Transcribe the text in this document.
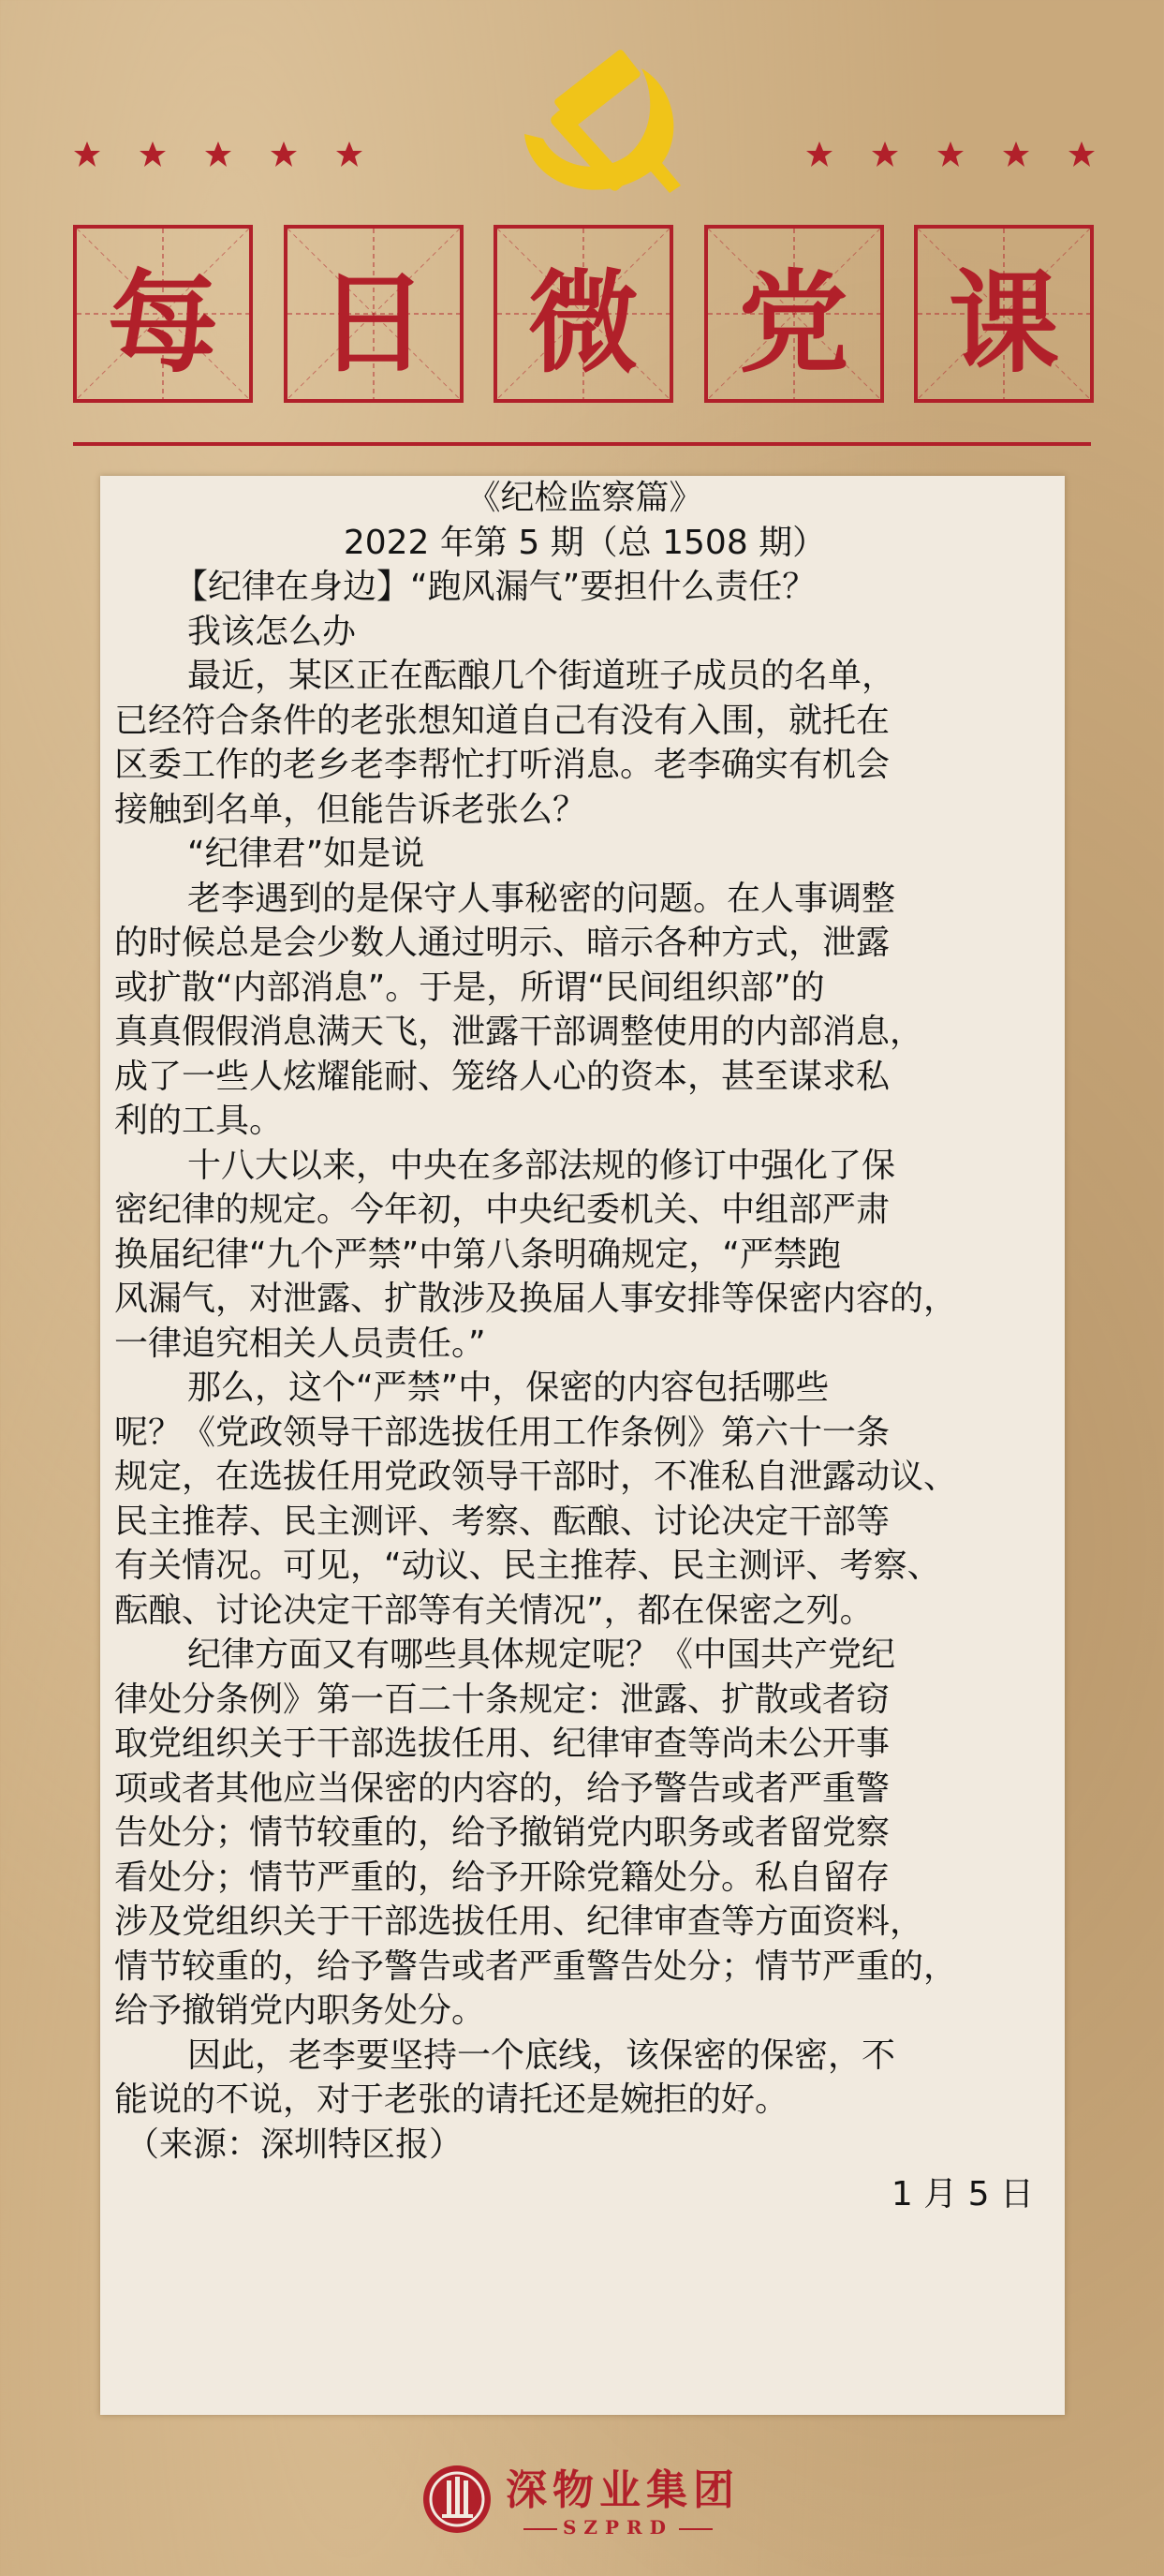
每 日 微 党 课
《纪检监察篇》
2022 年第 5 期（总 1508 期）
【纪律在身边】“跑风漏气”要担什么责任？
我该怎么办
最近，某区正在酝酿几个街道班子成员的名单，
已经符合条件的老张想知道自己有没有入围，就托在
区委工作的老乡老李帮忙打听消息。老李确实有机会
接触到名单，但能告诉老张么？
“纪律君”如是说
老李遇到的是保守人事秘密的问题。在人事调整
的时候总是会少数人通过明示、暗示各种方式，泄露
或扩散“内部消息”。于是，所谓“民间组织部”的
真真假假消息满天飞，泄露干部调整使用的内部消息，
成了一些人炫耀能耐、笼络人心的资本，甚至谋求私
利的工具。
十八大以来，中央在多部法规的修订中强化了保
密纪律的规定。今年初，中央纪委机关、中组部严肃
换届纪律“九个严禁”中第八条明确规定，“严禁跑
风漏气，对泄露、扩散涉及换届人事安排等保密内容的，
一律追究相关人员责任。”
那么，这个“严禁”中，保密的内容包括哪些
呢？《党政领导干部选拔任用工作条例》第六十一条
规定，在选拔任用党政领导干部时，不准私自泄露动议、
民主推荐、民主测评、考察、酝酿、讨论决定干部等
有关情况。可见，“动议、民主推荐、民主测评、考察、
酝酿、讨论决定干部等有关情况”，都在保密之列。
纪律方面又有哪些具体规定呢？《中国共产党纪
律处分条例》第一百二十条规定：泄露、扩散或者窃
取党组织关于干部选拔任用、纪律审查等尚未公开事
项或者其他应当保密的内容的，给予警告或者严重警
告处分；情节较重的，给予撤销党内职务或者留党察
看处分；情节严重的，给予开除党籍处分。私自留存
涉及党组织关于干部选拔任用、纪律审查等方面资料，
情节较重的，给予警告或者严重警告处分；情节严重的，
给予撤销党内职务处分。
因此，老李要坚持一个底线，该保密的保密，不
能说的不说，对于老张的请托还是婉拒的好。
（来源：深圳特区报）
1 月 5 日
深物业集团
SZPRD
